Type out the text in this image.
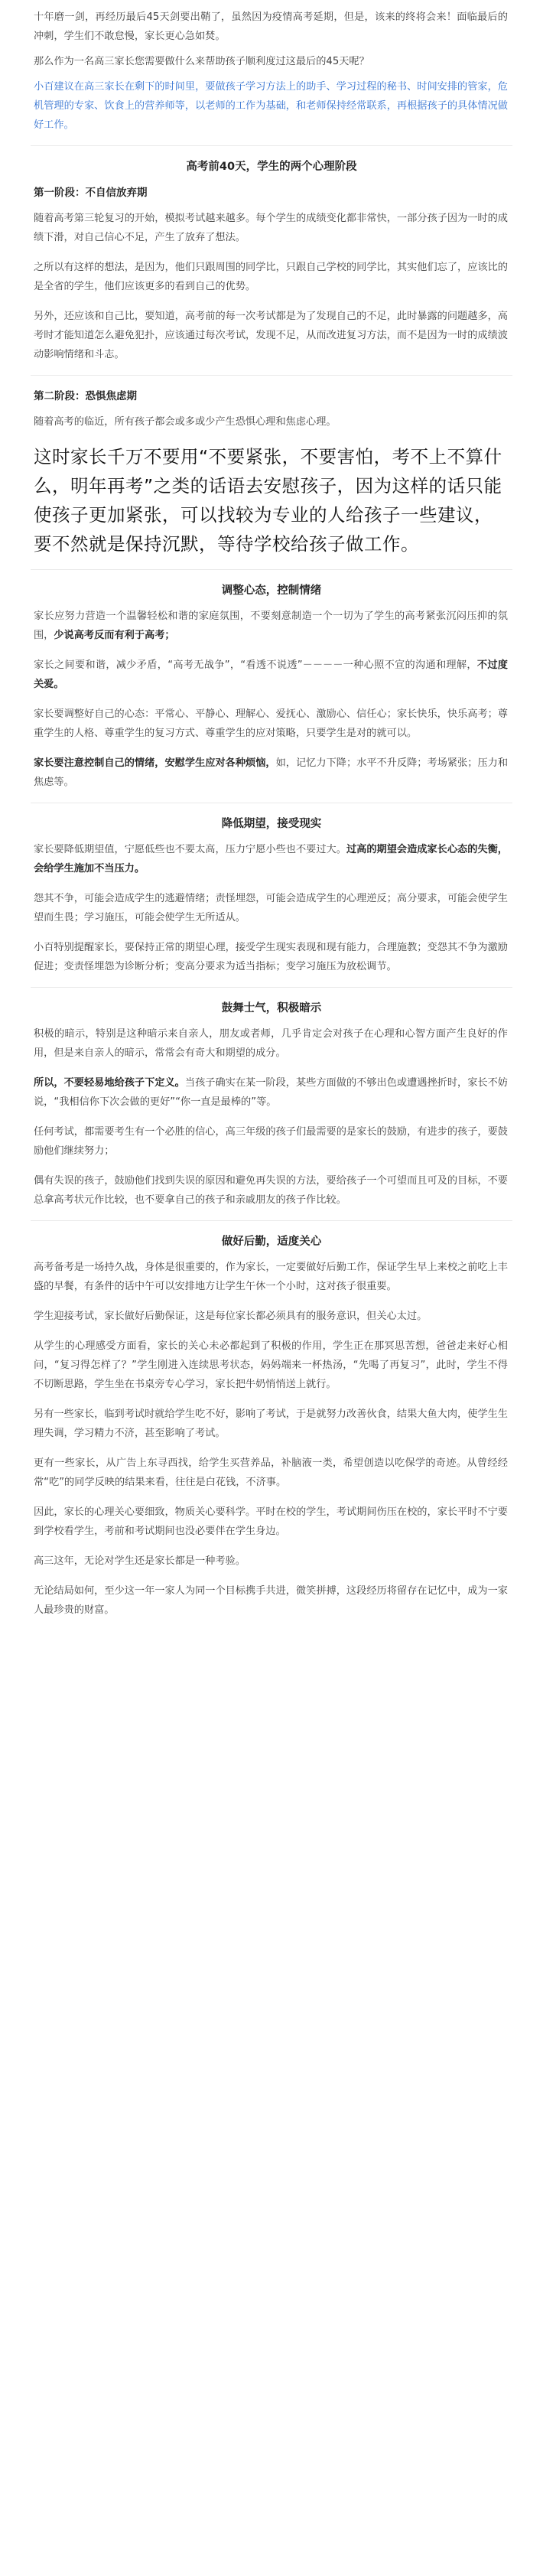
十年磨一剑，再经历最后45天剑要出鞘了，虽然因为疫情高考延期，但是，该来的终将会来！面临最后的冲刺，学生们不敢怠慢，家长更心急如焚。

那么作为一名高三家长您需要做什么来帮助孩子顺利度过这最后的45天呢？

小百建议在高三家长在剩下的时间里，要做孩子学习方法上的助手、学习过程的秘书、时间安排的管家，危机管理的专家、饮食上的营养师等，以老师的工作为基础，和老师保持经常联系，再根据孩子的具体情况做好工作。

高考前40天，学生的两个心理阶段
第一阶段：不自信放弃期

随着高考第三轮复习的开始，模拟考试越来越多。每个学生的成绩变化都非常快，一部分孩子因为一时的成绩下滑，对自己信心不足，产生了放弃了想法。

之所以有这样的想法，是因为，他们只跟周围的同学比，只跟自己学校的同学比，其实他们忘了，应该比的是全省的学生，他们应该更多的看到自己的优势。

另外，还应该和自己比，要知道，高考前的每一次考试都是为了发现自己的不足，此时暴露的问题越多，高考时才能知道怎么避免犯扑，应该通过每次考试，发现不足，从而改进复习方法，而不是因为一时的成绩波动影响情绪和斗志。

第二阶段：恐惧焦虑期

随着高考的临近，所有孩子都会或多或少产生恐惧心理和焦虑心理。

这时家长千万不要用“不要紧张，不要害怕，考不上不算什么，明年再考”之类的话语去安慰孩子，因为这样的话只能使孩子更加紧张，可以找较为专业的人给孩子一些建议，要不然就是保持沉默，等待学校给孩子做工作。

调整心态，控制情绪

家长应努力营造一个温馨轻松和谐的家庭氛围，不要刻意制造一个一切为了学生的高考紧张沉闷压抑的氛围，少说高考反而有利于高考；

家长之间要和谐，减少矛盾，“高考无战争”，“看透不说透”－－－－一种心照不宣的沟通和理解，不过度关爱。

家长要调整好自己的心态：平常心、平静心、理解心、爱抚心、激励心、信任心；家长快乐，快乐高考；尊重学生的人格、尊重学生的复习方式、尊重学生的应对策略，只要学生是对的就可以。

家长要注意控制自己的情绪，安慰学生应对各种烦恼，如，记忆力下降；水平不升反降；考场紧张；压力和焦虑等。

降低期望，接受现实

家长要降低期望值，宁愿低些也不要太高，压力宁愿小些也不要过大。过高的期望会造成家长心态的失衡，会给学生施加不当压力。

怨其不争，可能会造成学生的逃避情绪；责怪埋怨，可能会造成学生的心理逆反；高分要求，可能会使学生望而生畏；学习施压，可能会使学生无所适从。

小百特别提醒家长，要保持正常的期望心理，接受学生现实表现和现有能力，合理施教；变怨其不争为激励促进；变责怪埋怨为诊断分析；变高分要求为适当指标；变学习施压为放松调节。

鼓舞士气，积极暗示

积极的暗示，特别是这种暗示来自亲人，朋友或者师，几乎肯定会对孩子在心理和心智方面产生良好的作用，但是来自亲人的暗示，常常会有奇大和期望的成分。

所以，不要轻易地给孩子下定义。当孩子确实在某一阶段，某些方面做的不够出色或遭遇挫折时，家长不妨说，“我相信你下次会做的更好”“你一直是最棒的”等。

任何考试，都需要考生有一个必胜的信心，高三年级的孩子们最需要的是家长的鼓励，有进步的孩子，要鼓励他们继续努力；

偶有失误的孩子，鼓励他们找到失误的原因和避免再失误的方法，要给孩子一个可望而且可及的目标，不要总拿高考状元作比较，也不要拿自己的孩子和亲戚朋友的孩子作比较。

做好后勤，适度关心

高考备考是一场持久战，身体是很重要的，作为家长，一定要做好后勤工作，保证学生早上来校之前吃上丰盛的早餐，有条件的话中午可以安排地方让学生午休一个小时，这对孩子很重要。

学生迎接考试，家长做好后勤保证，这是每位家长都必须具有的服务意识，但关心太过。

从学生的心理感受方面看，家长的关心未必都起到了积极的作用，学生正在那冥思苦想，爸爸走来好心相问，“复习得怎样了？”学生刚进入连续思考状态，妈妈端来一杯热汤，“先喝了再复习”，此时，学生不得不切断思路，学生坐在书桌旁专心学习，家长把牛奶悄悄送上就行。

另有一些家长，临到考试时就给学生吃不好，影响了考试，于是就努力改善伙食，结果大鱼大肉，使学生生理失调，学习精力不济，甚至影响了考试。

更有一些家长，从广告上东寻西找，给学生买营养品，补脑液一类，希望创造以吃保学的奇迹。从曾经经常“吃”的同学反映的结果来看，往往是白花钱，不济事。

因此，家长的心理关心要细致，物质关心要科学。平时在校的学生，考试期间伤压在校的，家长平时不宁要到学校看学生，考前和考试期间也没必要伴在学生身边。

高三这年，无论对学生还是家长都是一种考验。

无论结局如何，至少这一年一家人为同一个目标携手共进，微笑拼搏，这段经历将留存在记忆中，成为一家人最珍贵的财富。
